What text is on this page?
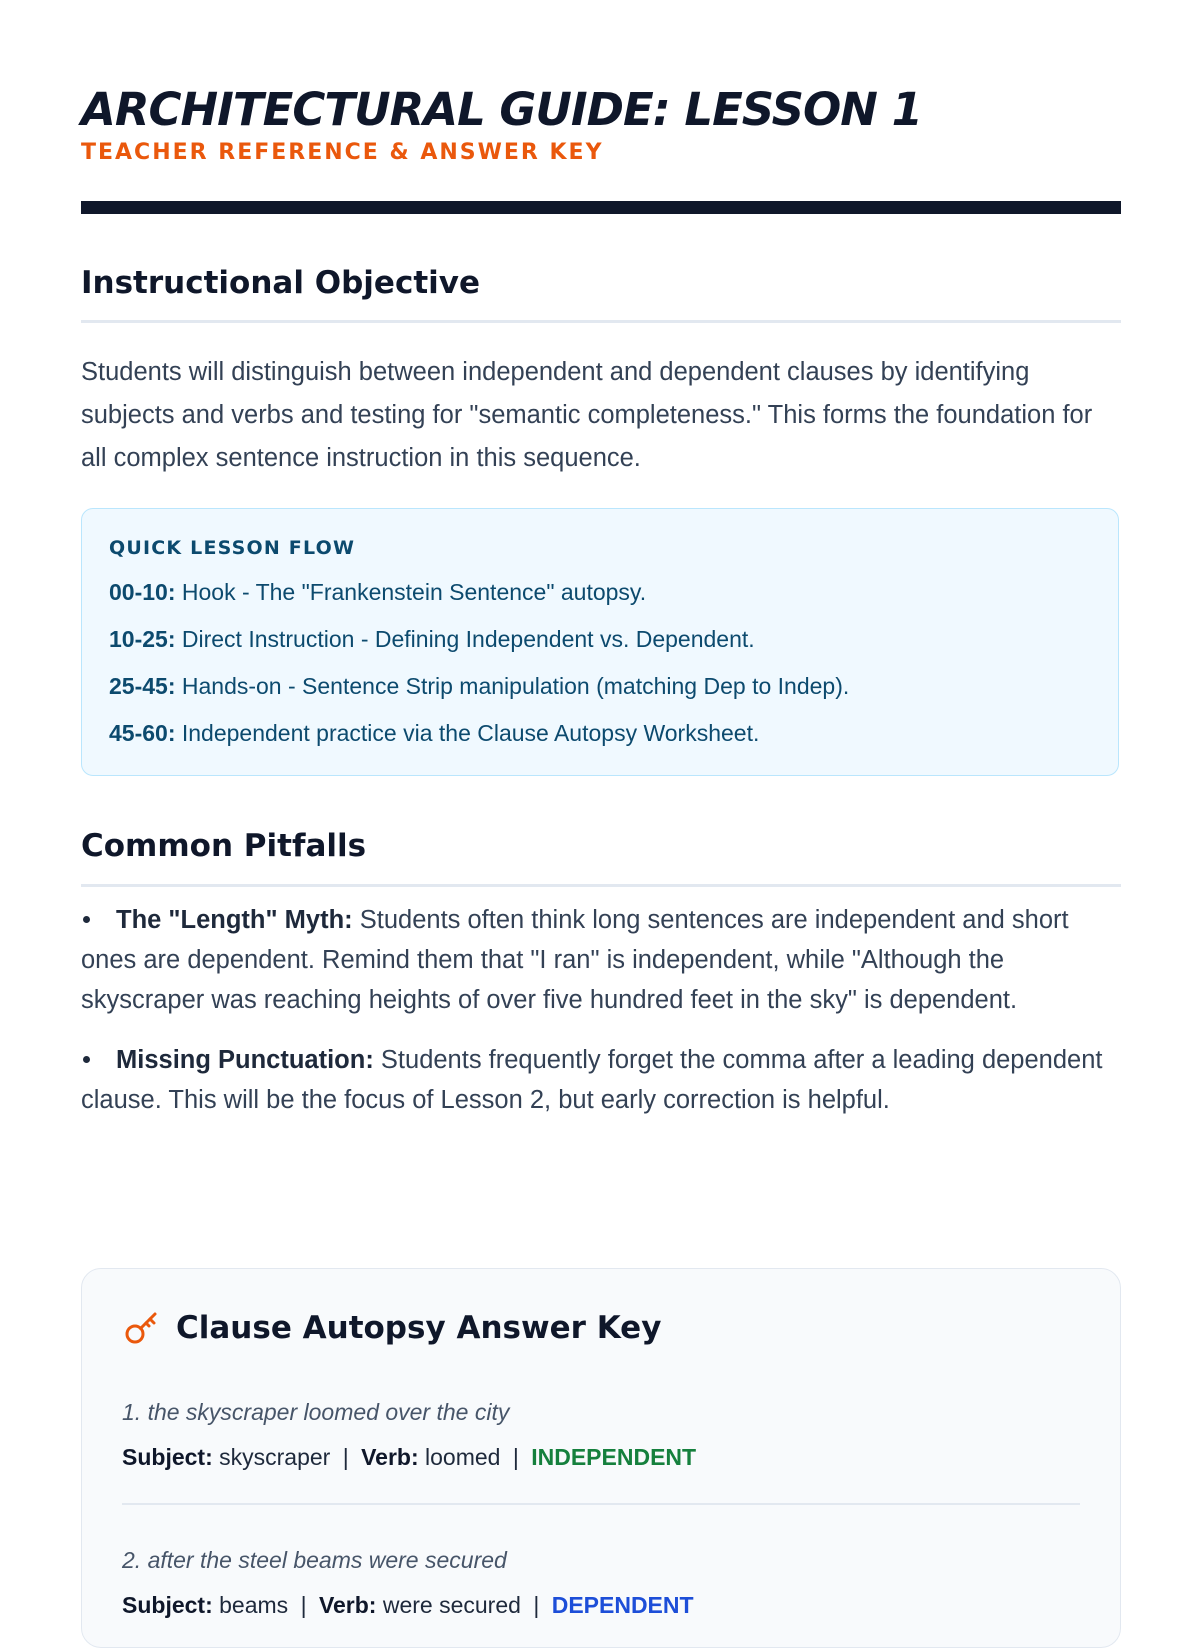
ARCHITECTURAL GUIDE: LESSON 1
TEACHER REFERENCE & ANSWER KEY
Instructional Objective

Students will distinguish between independent and dependent clauses by identifying subjects and verbs and testing for "semantic completeness." This forms the foundation for all complex sentence instruction in this sequence.

QUICK LESSON FLOW
00-10: Hook - The "Frankenstein Sentence" autopsy.
10-25: Direct Instruction - Defining Independent vs. Dependent.
25-45: Hands-on - Sentence Strip manipulation (matching Dep to Indep).
45-60: Independent practice via the Clause Autopsy Worksheet.
Common Pitfalls

The "Length" Myth: Students often think long sentences are independent and short ones are dependent. Remind them that "I ran" is independent, while "Although the skyscraper was reaching heights of over five hundred feet in the sky" is dependent.

Missing Punctuation: Students frequently forget the comma after a leading dependent clause. This will be the focus of Lesson 2, but early correction is helpful.

Clause Autopsy Answer Key
1. the skyscraper loomed over the city
Subject: skyscraper | Verb: loomed | INDEPENDENT
2. after the steel beams were secured
Subject: beams | Verb: were secured | DEPENDENT
